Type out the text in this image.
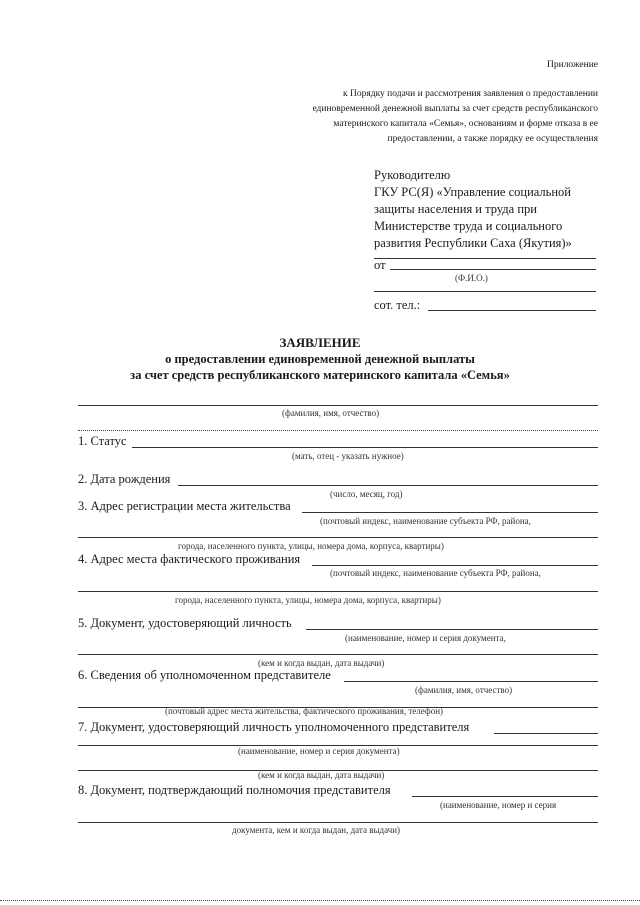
Приложение
к Порядку подачи и рассмотрения заявления о предоставлении
единовременной денежной выплаты за счет средств республиканского
материнского капитала «Семья», основаниям и форме отказа в ее
предоставлении, а также порядку ее осуществления
Руководителю
ГКУ РС(Я) «Управление социальной
защиты населения и труда при
Министерстве труда и социального
развития Республики Саха (Якутия)»
от
(Ф.И.О.)
сот. тел.:
ЗАЯВЛЕНИЕ
о предоставлении единовременной денежной выплаты
за счет средств республиканского материнского капитала «Семья»
(фамилия, имя, отчество)
1. Статус
(мать, отец - указать нужное)
2. Дата рождения
(число, месяц, год)
3. Адрес регистрации места жительства
(почтовый индекс, наименование субъекта РФ, района,
города, населенного пункта, улицы, номера дома, корпуса, квартиры)
4. Адрес места фактического проживания
(почтовый индекс, наименование субъекта РФ, района,
города, населенного пункта, улицы, номера дома, корпуса, квартиры)
5. Документ, удостоверяющий личность
(наименование, номер и серия документа,
(кем и когда выдан, дата выдачи)
6. Сведения об уполномоченном представителе
(фамилия, имя, отчество)
(почтовый адрес места жительства, фактического проживания, телефон)
7. Документ, удостоверяющий личность уполномоченного представителя
(наименование, номер и серия документа)
(кем и когда выдан, дата выдачи)
8. Документ, подтверждающий полномочия представителя
(наименование, номер и серия
документа, кем и когда выдан, дата выдачи)
